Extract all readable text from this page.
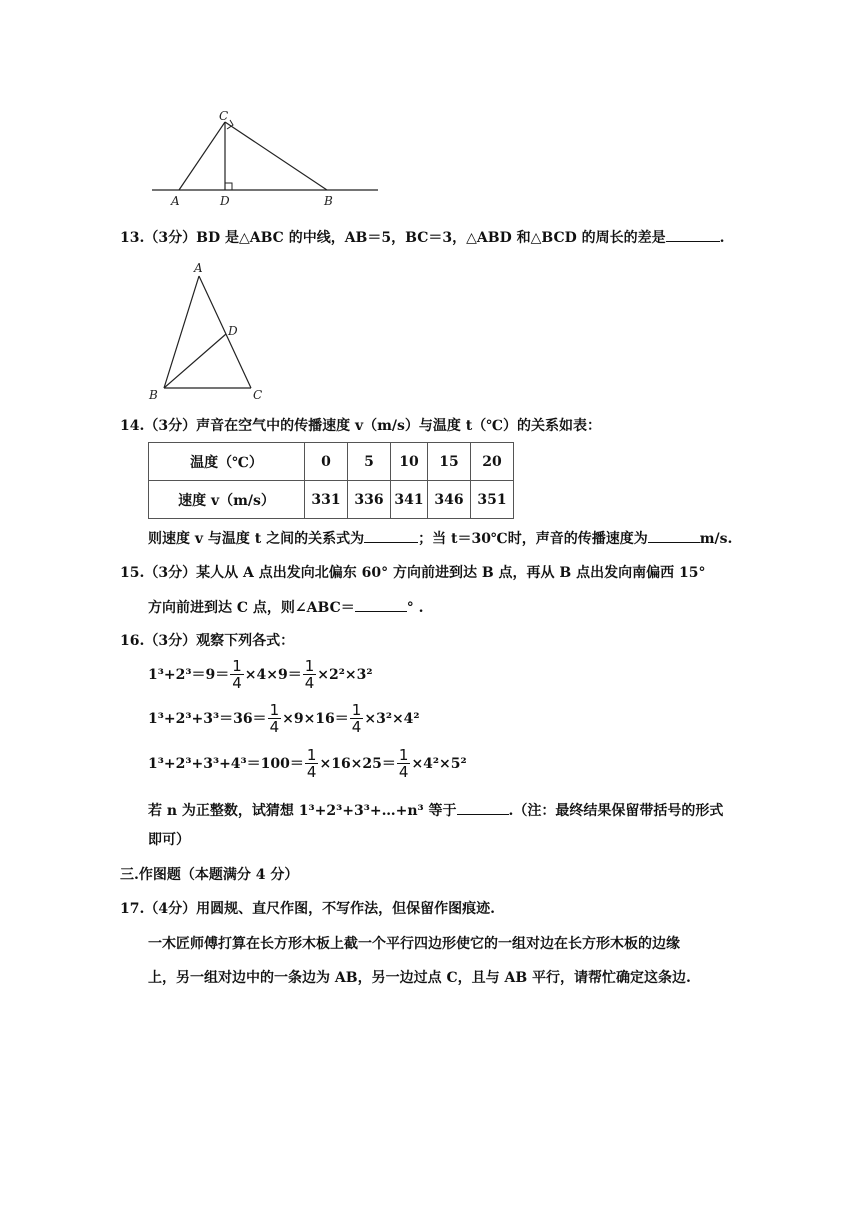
C
A	D	B
13.（3分）BD 是△ABC 的中线，AB＝5，BC＝3，△ABD 和△BCD 的周长的差是	.
A
D
B	C
14.（3分）声音在空气中的传播速度 v（m/s）与温度 t（℃）的关系如表：
温度（℃）	0	5	10	15	20
速度 v（m/s）	331	336	341	346	351
则速度 v 与温度 t 之间的关系式为	；当 t＝30℃时，声音的传播速度为	m/s.
15.（3分）某人从 A 点出发向北偏东 60° 方向前进到达 B 点，再从 B 点出发向南偏西 15°
方向前进到达 C 点，则∠ABC＝	° .
16.（3分）观察下列各式：
$1^3+2^3=9= \frac{1}{4} \times 4\times 9= \frac{1}{4} \times 2^2\times 3^2$
$1^3+2^3+3^3=36= \frac{1}{4} \times 9\times 16= \frac{1}{4} \times 3^2\times 4^2$
$1^3+2^3+3^3+4^3=100= \frac{1}{4} \times 16\times 25= \frac{1}{4} \times 4^2\times 5^2$
若 n 为正整数，试猜想 1³+2³+3³+…+n³ 等于	.（注：最终结果保留带括号的形式
即可）
三.作图题（本题满分 4 分）
17.（4分）用圆规、直尺作图，不写作法，但保留作图痕迹.
一木匠师傅打算在长方形木板上截一个平行四边形使它的一组对边在长方形木板的边缘
上，另一组对边中的一条边为 AB，另一边过点 C，且与 AB 平行，请帮忙确定这条边.
